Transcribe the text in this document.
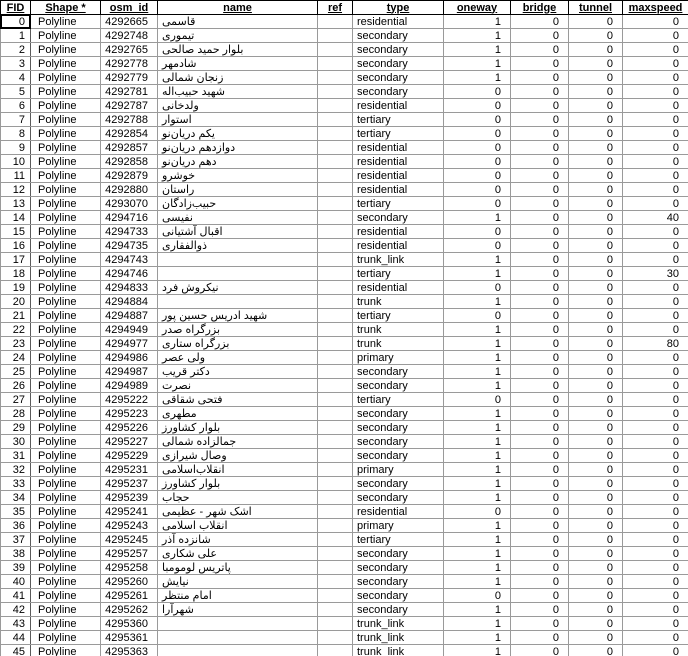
FID	Shape *	osm_id	name	ref	type	oneway	bridge	tunnel	maxspeed
0	Polyline	4292665	قاسمی		residential	1	0	0	0
1	Polyline	4292748	تیموری		secondary	1	0	0	0
2	Polyline	4292765	بلوار حمید صالحی		secondary	1	0	0	0
3	Polyline	4292778	شادمهر		secondary	1	0	0	0
4	Polyline	4292779	زنجان شمالی		secondary	1	0	0	0
5	Polyline	4292781	شهید حبیب‌اله		secondary	0	0	0	0
6	Polyline	4292787	ولدخانی		residential	0	0	0	0
7	Polyline	4292788	استوار		tertiary	0	0	0	0
8	Polyline	4292854	یکم دریان‌نو		tertiary	0	0	0	0
9	Polyline	4292857	دوازدهم دریان‌نو		residential	0	0	0	0
10	Polyline	4292858	دهم دریان‌نو		residential	0	0	0	0
11	Polyline	4292879	خوشرو		residential	0	0	0	0
12	Polyline	4292880	راستان		residential	0	0	0	0
13	Polyline	4293070	حبیب‌زادگان		tertiary	0	0	0	0
14	Polyline	4294716	نفیسی		secondary	1	0	0	40
15	Polyline	4294733	اقبال آشتیانی		residential	0	0	0	0
16	Polyline	4294735	ذوالفقاری		residential	0	0	0	0
17	Polyline	4294743			trunk_link	1	0	0	0
18	Polyline	4294746			tertiary	1	0	0	30
19	Polyline	4294833	نیکروش فرد		residential	0	0	0	0
20	Polyline	4294884			trunk	1	0	0	0
21	Polyline	4294887	شهید ادریس حسین پور		tertiary	0	0	0	0
22	Polyline	4294949	بزرگراه صدر		trunk	1	0	0	0
23	Polyline	4294977	بزرگراه ستاری		trunk	1	0	0	80
24	Polyline	4294986	ولی عصر		primary	1	0	0	0
25	Polyline	4294987	دکتر قریب		secondary	1	0	0	0
26	Polyline	4294989	نصرت		secondary	1	0	0	0
27	Polyline	4295222	فتحی شقاقی		tertiary	0	0	0	0
28	Polyline	4295223	مطهری		secondary	1	0	0	0
29	Polyline	4295226	بلوار کشاورز		secondary	1	0	0	0
30	Polyline	4295227	جمالزاده شمالی		secondary	1	0	0	0
31	Polyline	4295229	وصال شیرازی		secondary	1	0	0	0
32	Polyline	4295231	انقلاب‌اسلامی		primary	1	0	0	0
33	Polyline	4295237	بلوار کشاورز		secondary	1	0	0	0
34	Polyline	4295239	حجاب		secondary	1	0	0	0
35	Polyline	4295241	اشک شهر - عظیمی		residential	0	0	0	0
36	Polyline	4295243	انقلاب اسلامی		primary	1	0	0	0
37	Polyline	4295245	شانزده آذر		tertiary	1	0	0	0
38	Polyline	4295257	علی شکاری		secondary	1	0	0	0
39	Polyline	4295258	پاتریس لومومبا		secondary	1	0	0	0
40	Polyline	4295260	نیایش		secondary	1	0	0	0
41	Polyline	4295261	امام منتظر		secondary	0	0	0	0
42	Polyline	4295262	شهرآرا		secondary	1	0	0	0
43	Polyline	4295360			trunk_link	1	0	0	0
44	Polyline	4295361			trunk_link	1	0	0	0
45	Polyline	4295363			trunk_link	1	0	0	0
